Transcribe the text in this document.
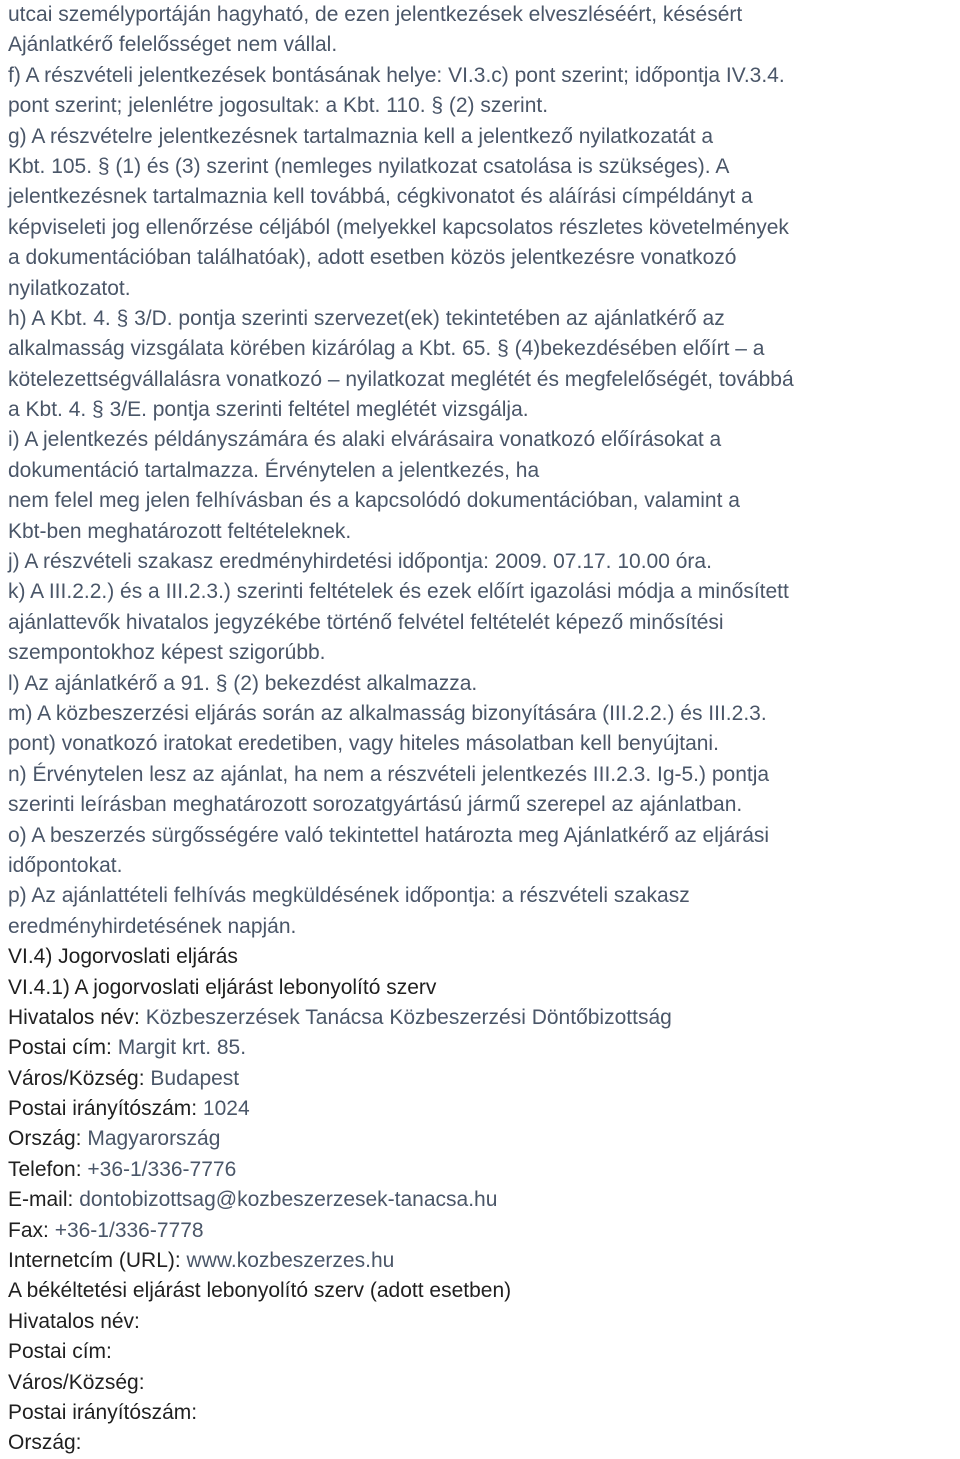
utcai személyportáján hagyható, de ezen jelentkezések elveszléséért, késésért
Ajánlatkérő felelősséget nem vállal.
f) A részvételi jelentkezések bontásának helye: VI.3.c) pont szerint; időpontja IV.3.4.
pont szerint; jelenlétre jogosultak: a Kbt. 110. § (2) szerint.
g) A részvételre jelentkezésnek tartalmaznia kell a jelentkező nyilatkozatát a
Kbt. 105. § (1) és (3) szerint (nemleges nyilatkozat csatolása is szükséges). A
jelentkezésnek tartalmaznia kell továbbá, cégkivonatot és aláírási címpéldányt a
képviseleti jog ellenőrzése céljából (melyekkel kapcsolatos részletes követelmények
a dokumentációban találhatóak), adott esetben közös jelentkezésre vonatkozó
nyilatkozatot.
h) A Kbt. 4. § 3/D. pontja szerinti szervezet(ek) tekintetében az ajánlatkérő az
alkalmasság vizsgálata körében kizárólag a Kbt. 65. § (4)bekezdésében előírt – a
kötelezettségvállalásra vonatkozó – nyilatkozat meglétét és megfelelőségét, továbbá
a Kbt. 4. § 3/E. pontja szerinti feltétel meglétét vizsgálja.
i) A jelentkezés példányszámára és alaki elvárásaira vonatkozó előírásokat a
dokumentáció tartalmazza. Érvénytelen a jelentkezés, ha
nem felel meg jelen felhívásban és a kapcsolódó dokumentációban, valamint a
Kbt-ben meghatározott feltételeknek.
j) A részvételi szakasz eredményhirdetési időpontja: 2009. 07.17. 10.00 óra.
k) A III.2.2.) és a III.2.3.) szerinti feltételek és ezek előírt igazolási módja a minősített
ajánlattevők hivatalos jegyzékébe történő felvétel feltételét képező minősítési
szempontokhoz képest szigorúbb.
l) Az ajánlatkérő a 91. § (2) bekezdést alkalmazza.
m) A közbeszerzési eljárás során az alkalmasság bizonyítására (III.2.2.) és III.2.3.
pont) vonatkozó iratokat eredetiben, vagy hiteles másolatban kell benyújtani.
n) Érvénytelen lesz az ajánlat, ha nem a részvételi jelentkezés III.2.3. Ig-5.) pontja
szerinti leírásban meghatározott sorozatgyártású jármű szerepel az ajánlatban.
o) A beszerzés sürgősségére való tekintettel határozta meg Ajánlatkérő az eljárási
időpontokat.
p) Az ajánlattételi felhívás megküldésének időpontja: a részvételi szakasz
eredményhirdetésének napján.
VI.4) Jogorvoslati eljárás
VI.4.1) A jogorvoslati eljárást lebonyolító szerv
Hivatalos név: Közbeszerzések Tanácsa Közbeszerzési Döntőbizottság
Postai cím: Margit krt. 85.
Város/Község: Budapest
Postai irányítószám: 1024
Ország: Magyarország
Telefon: +36-1/336-7776
E-mail: dontobizottsag@kozbeszerzesek-tanacsa.hu
Fax: +36-1/336-7778
Internetcím (URL): www.kozbeszerzes.hu
A békéltetési eljárást lebonyolító szerv (adott esetben)
Hivatalos név:
Postai cím:
Város/Község:
Postai irányítószám:
Ország:
